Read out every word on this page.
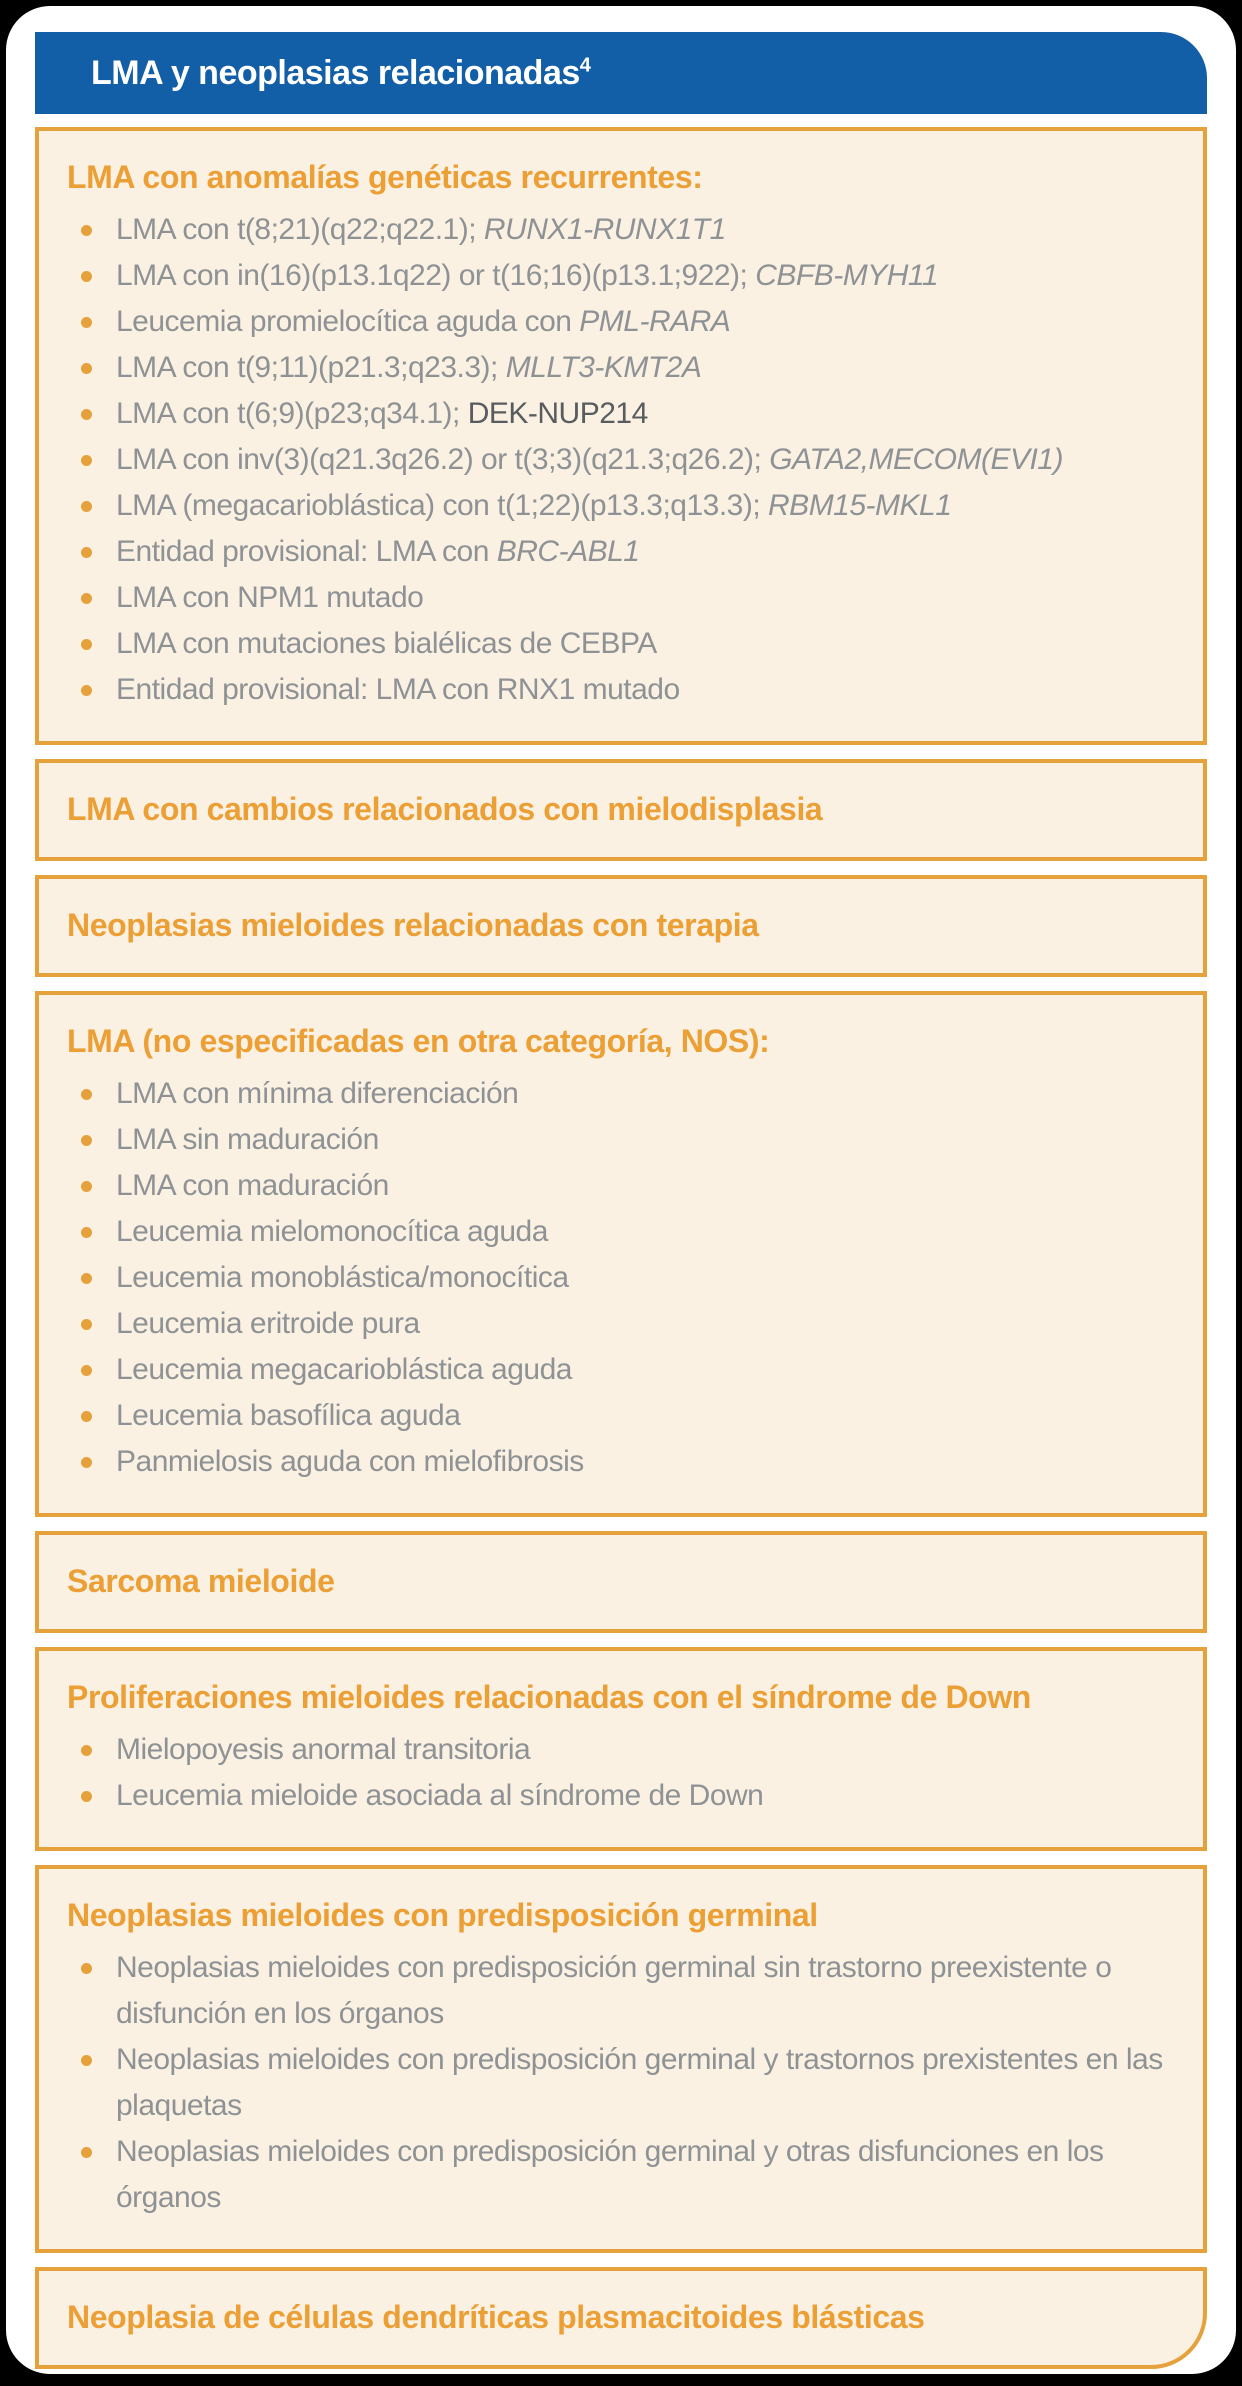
LMA y neoplasias relacionadas$^4$
LMA con anomalías genéticas recurrentes:
LMA con t(8;21)(q22;q22.1); RUNX1-RUNX1T1
LMA con in(16)(p13.1q22) or t(16;16)(p13.1;922); CBFB-MYH11
Leucemia promielocítica aguda con PML-RARA
LMA con t(9;11)(p21.3;q23.3); MLLT3-KMT2A
LMA con t(6;9)(p23;q34.1); DEK-NUP214
LMA con inv(3)(q21.3q26.2) or t(3;3)(q21.3;q26.2); GATA2,MECOM(EVI1)
LMA (megacarioblástica) con t(1;22)(p13.3;q13.3); RBM15-MKL1
Entidad provisional: LMA con BRC-ABL1
LMA con NPM1 mutado
LMA con mutaciones bialélicas de CEBPA
Entidad provisional: LMA con RNX1 mutado
LMA con cambios relacionados con mielodisplasia
Neoplasias mieloides relacionadas con terapia
LMA (no especificadas en otra categoría, NOS):
LMA con mínima diferenciación
LMA sin maduración
LMA con maduración
Leucemia mielomonocítica aguda
Leucemia monoblástica/monocítica
Leucemia eritroide pura
Leucemia megacarioblástica aguda
Leucemia basofílica aguda
Panmielosis aguda con mielofibrosis
Sarcoma mieloide
Proliferaciones mieloides relacionadas con el síndrome de Down
Mielopoyesis anormal transitoria
Leucemia mieloide asociada al síndrome de Down
Neoplasias mieloides con predisposición germinal
Neoplasias mieloides con predisposición germinal sin trastorno preexistente o disfunción en los órganos
Neoplasias mieloides con predisposición germinal y trastornos prexistentes en las plaquetas
Neoplasias mieloides con predisposición germinal y otras disfunciones en los órganos
Neoplasia de células dendríticas plasmacitoides blásticas
